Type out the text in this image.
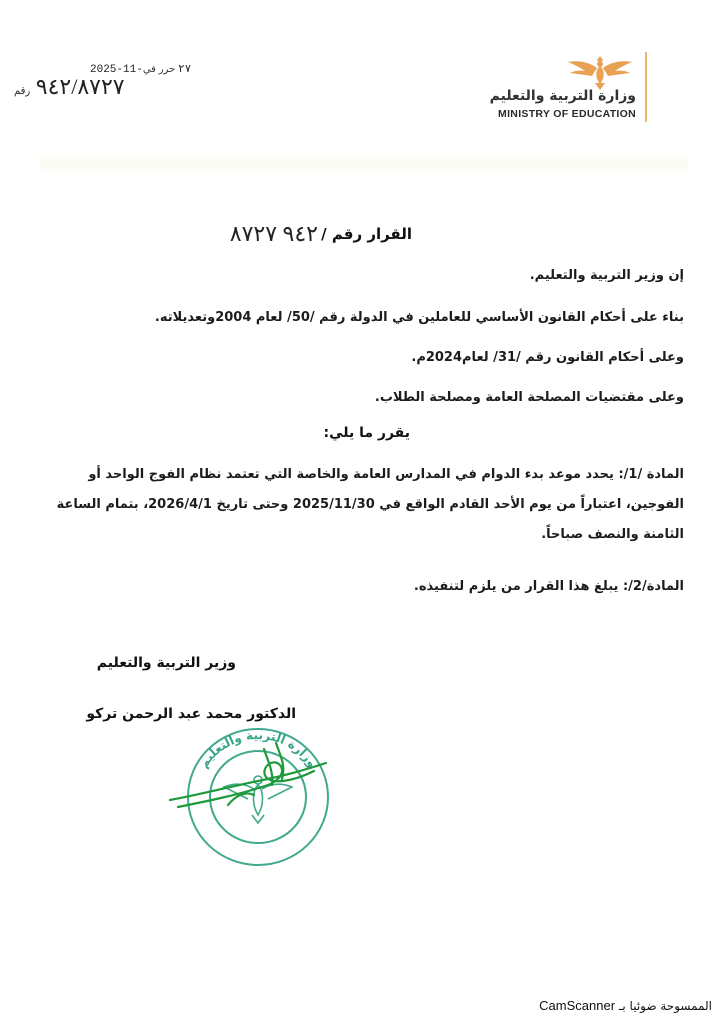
وزارة التربية والتعليم
MINISTRY OF EDUCATION
2025-11-٢٧ حرر في
٩٤٢/٨٧٢٧ رقم
القرار رقم /
٩٤٢ ٨٧٢٧
إن وزير التربية والتعليم.
بناء على أحكام القانون الأساسي للعاملين في الدولة رقم /50/ لعام 2004وتعديلاته.
وعلى أحكام القانون رقم /31/ لعام2024م.
وعلى مقتضيات المصلحة العامة ومصلحة الطلاب.
يقرر ما يلي:
المادة /1/: يحدد موعد بدء الدوام في المدارس العامة والخاصة التي تعتمد نظام الفوج الواحد أو الفوجين، اعتباراً من يوم الأحد القادم الواقع في 2025/11/30 وحتى تاريخ 2026/4/1، بتمام الساعة الثامنة والنصف صباحاً.
المادة/2/: يبلغ هذا القرار من يلزم لتنفيذه.
وزير التربية والتعليم
الدكتور محمد عبد الرحمن تركو
وزارة التربية والتعليم
الممسوحة ضوئيا بـ CamScanner
